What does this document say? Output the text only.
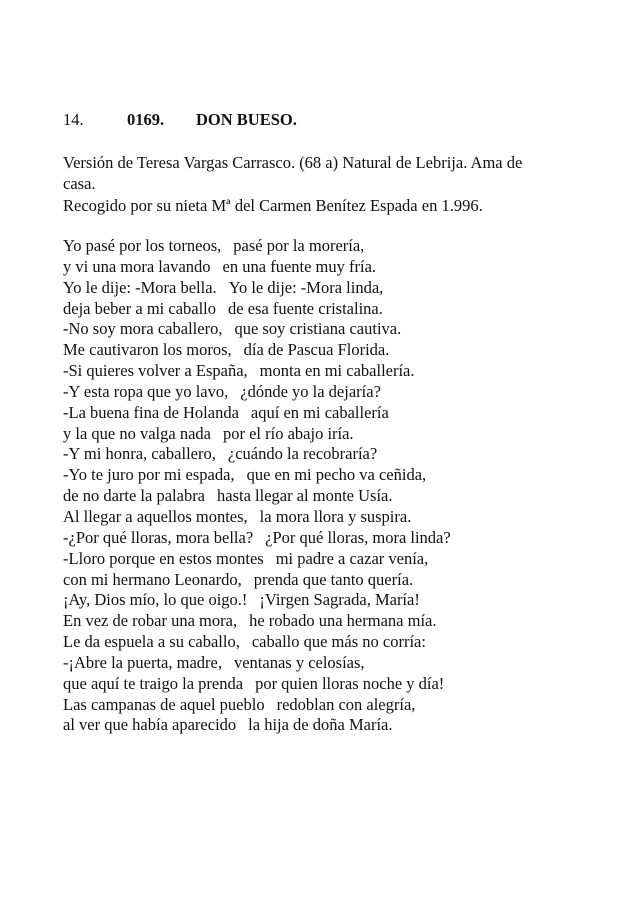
14.	0169. DON BUESO.
Versión de Teresa Vargas Carrasco. (68 a) Natural de Lebrija. Ama de
casa.
Recogido por su nieta Mª del Carmen Benítez Espada en 1.996.
Yo pasé por los torneos, pasé por la morería,
y vi una mora lavando en una fuente muy fría.
Yo le dije: -Mora bella. Yo le dije: -Mora linda,
deja beber a mi caballo de esa fuente cristalina.
-No soy mora caballero, que soy cristiana cautiva.
Me cautivaron los moros, día de Pascua Florida.
-Si quieres volver a España, monta en mi caballería.
-Y esta ropa que yo lavo, ¿dónde yo la dejaría?
-La buena fina de Holanda aquí en mi caballería
y la que no valga nada por el río abajo iría.
-Y mi honra, caballero, ¿cuándo la recobraría?
-Yo te juro por mi espada, que en mi pecho va ceñida,
de no darte la palabra hasta llegar al monte Usía.
Al llegar a aquellos montes, la mora llora y suspira.
-¿Por qué lloras, mora bella? ¿Por qué lloras, mora linda?
-Lloro porque en estos montes mi padre a cazar venía,
con mi hermano Leonardo, prenda que tanto quería.
¡Ay, Dios mío, lo que oigo.! ¡Virgen Sagrada, María!
En vez de robar una mora, he robado una hermana mía.
Le da espuela a su caballo, caballo que más no corría:
-¡Abre la puerta, madre, ventanas y celosías,
que aquí te traigo la prenda por quien lloras noche y día!
Las campanas de aquel pueblo redoblan con alegría,
al ver que había aparecido la hija de doña María.
